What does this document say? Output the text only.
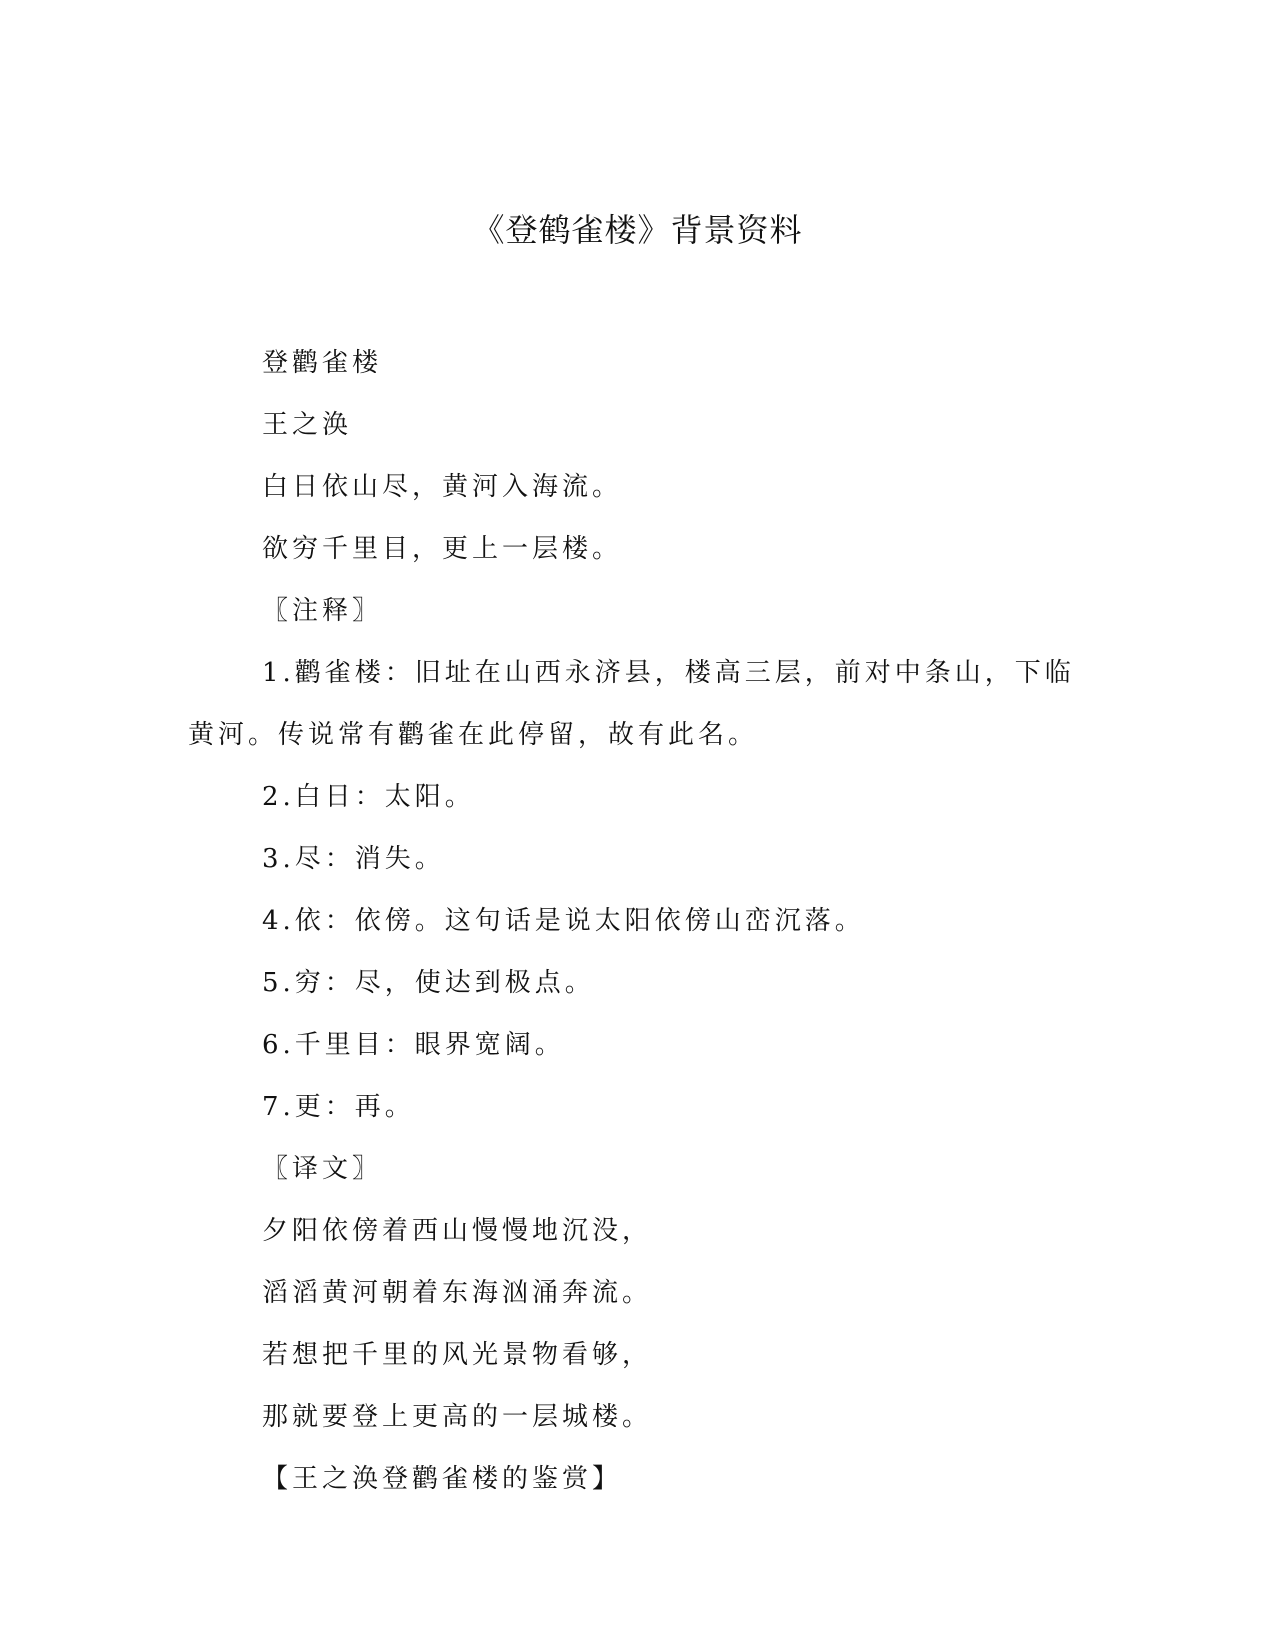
《登鹤雀楼》背景资料

登鹳雀楼

王之涣

白日依山尽，黄河入海流。

欲穷千里目，更上一层楼。

〖注释〗

1.鹳雀楼：旧址在山西永济县，楼高三层，前对中条山，下临黄河。传说常有鹳雀在此停留，故有此名。

2.白日：太阳。

3.尽：消失。

4.依：依傍。这句话是说太阳依傍山峦沉落。

5.穷：尽，使达到极点。

6.千里目：眼界宽阔。

7.更：再。

〖译文〗

夕阳依傍着西山慢慢地沉没，

滔滔黄河朝着东海汹涌奔流。

若想把千里的风光景物看够，

那就要登上更高的一层城楼。

【王之涣登鹳雀楼的鉴赏】
